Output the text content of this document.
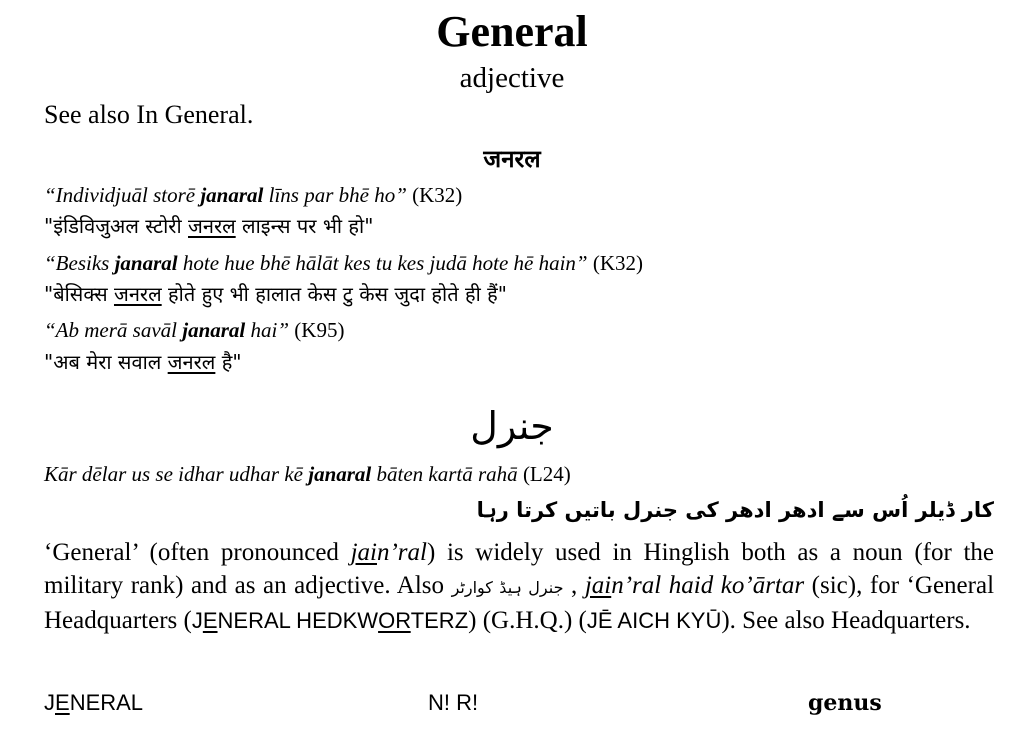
General
adjective
See also In General.
जनरल
“Individjuāl storē janaral līns par bhē ho” (K32)
"इंडिविजुअल स्टोरी जनरल लाइन्स पर भी हो"
“Besiks janaral hote hue bhē hālāt kes tu kes judā hote hē hain” (K32)
"बेसिक्स जनरल होते हुए भी हालात केस टु केस जुदा होते ही हैं"
“Ab merā savāl janaral hai” (K95)
"अब मेरा सवाल जनरल है"
جنرل
Kār dēlar us se idhar udhar kē janaral bāten kartā rahā (L24)
کار ڈیلر اُس سے ادھر ادھر کی جنرل باتیں کرتا رہا
‘General’ (often pronounced jain’ral) is widely used in Hinglish both as a noun (for the military rank) and as an adjective. Also جنرل ہیڈ کوارٹر , jain’ral haid ko’ārtar (sic), for ‘General Headquarters (JENERAL HEDKWORTERZ) (G.H.Q.) (JĒ AICH KYŪ). See also Headquarters.
JENERAL	N! R!	genus
